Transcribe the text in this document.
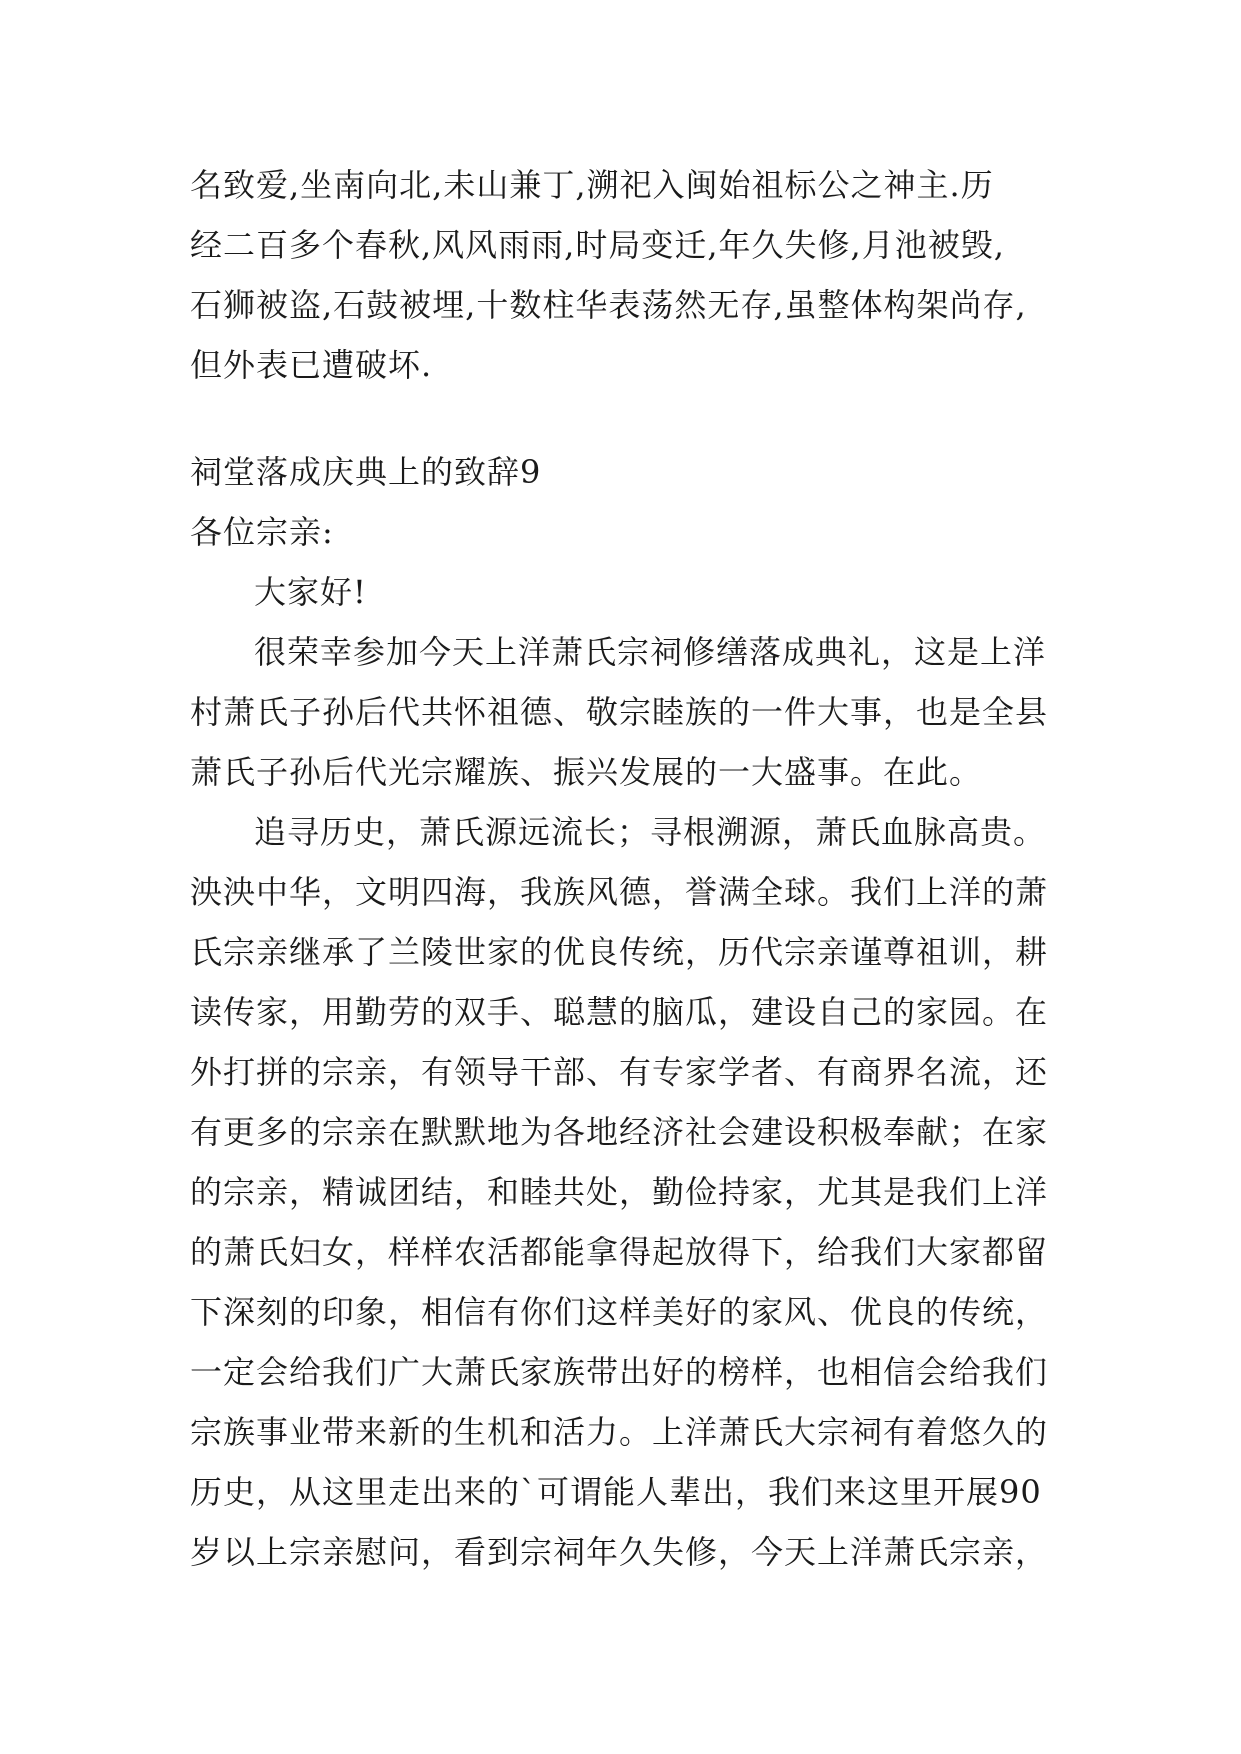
名致爱,坐南向北,未山兼丁,溯祀入闽始祖标公之神主.历
经二百多个春秋,风风雨雨,时局变迁,年久失修,月池被毁,
石狮被盗,石鼓被埋,十数柱华表荡然无存,虽整体构架尚存,
但外表已遭破坏.
祠堂落成庆典上的致辞9
各位宗亲:
大家好!
很荣幸参加今天上洋萧氏宗祠修缮落成典礼，这是上洋
村萧氏子孙后代共怀祖德、敬宗睦族的一件大事，也是全县
萧氏子孙后代光宗耀族、振兴发展的一大盛事。在此。
追寻历史，萧氏源远流长；寻根溯源，萧氏血脉高贵。
泱泱中华，文明四海，我族风德，誉满全球。我们上洋的萧
氏宗亲继承了兰陵世家的优良传统，历代宗亲谨尊祖训，耕
读传家，用勤劳的双手、聪慧的脑瓜，建设自己的家园。在
外打拼的宗亲，有领导干部、有专家学者、有商界名流，还
有更多的宗亲在默默地为各地经济社会建设积极奉献；在家
的宗亲，精诚团结，和睦共处，勤俭持家，尤其是我们上洋
的萧氏妇女，样样农活都能拿得起放得下，给我们大家都留
下深刻的印象，相信有你们这样美好的家风、优良的传统，
一定会给我们广大萧氏家族带出好的榜样，也相信会给我们
宗族事业带来新的生机和活力。上洋萧氏大宗祠有着悠久的
历史，从这里走出来的`可谓能人辈出，我们来这里开展90
岁以上宗亲慰问，看到宗祠年久失修，今天上洋萧氏宗亲，
